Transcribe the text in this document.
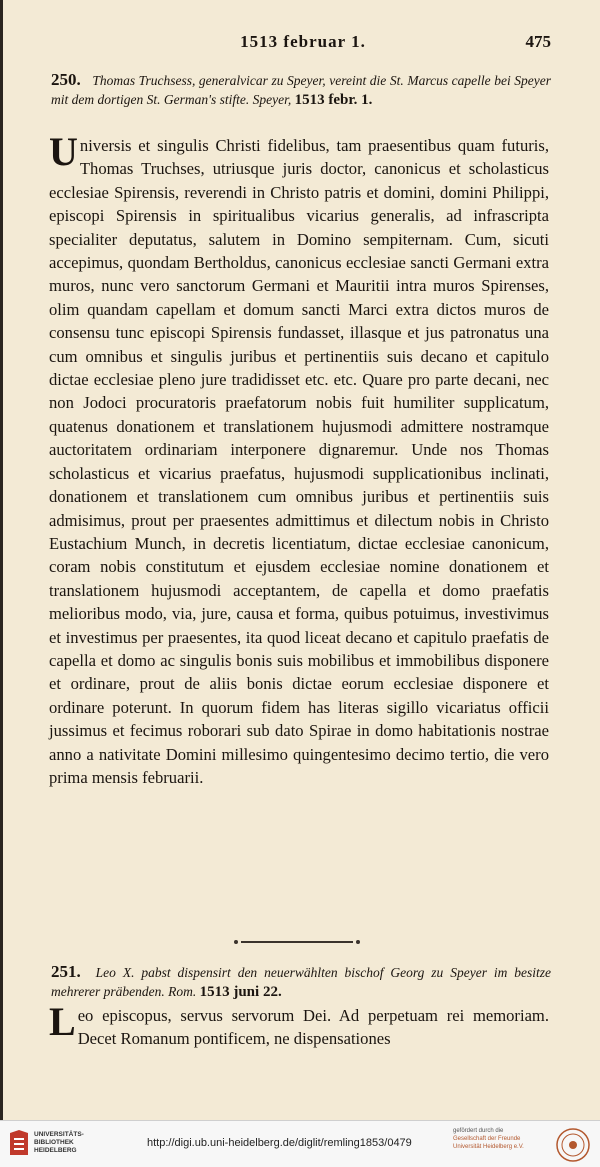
1513 februar 1.	475
250. Thomas Truchsess, generalvicar zu Speyer, vereint die St. Marcus capelle bei Speyer mit dem dortigen St. German's stifte. Speyer, 1513 febr. 1.
Universis et singulis Christi fidelibus, tam praesentibus quam futuris, Thomas Truchses, utriusque juris doctor, canonicus et scholasticus ecclesiae Spirensis, reverendi in Christo patris et domini, domini Philippi, episcopi Spirensis in spiritualibus vicarius generalis, ad infrascripta specialiter deputatus, salutem in Domino sempiternam. Cum, sicuti accepimus, quondam Bertholdus, canonicus ecclesiae sancti Germani extra muros, nunc vero sanctorum Germani et Mauritii intra muros Spirenses, olim quandam capellam et domum sancti Marci extra dictos muros de consensu tunc episcopi Spirensis fundasset, illasque et jus patronatus una cum omnibus et singulis juribus et pertinentiis suis decano et capitulo dictae ecclesiae pleno jure tradidisset etc. etc. Quare pro parte decani, nec non Jodoci procuratoris praefatorum nobis fuit humiliter supplicatum, quatenus donationem et translationem hujusmodi admittere nostramque auctoritatem ordinariam interponere dignaremur. Unde nos Thomas scholasticus et vicarius praefatus, hujusmodi supplicationibus inclinati, donationem et translationem cum omnibus juribus et pertinentiis suis admisimus, prout per praesentes admittimus et dilectum nobis in Christo Eustachium Munch, in decretis licentiatum, dictae ecclesiae canonicum, coram nobis constitutum et ejusdem ecclesiae nomine donationem et translationem hujusmodi acceptantem, de capella et domo praefatis melioribus modo, via, jure, causa et forma, quibus potuimus, investivimus et investimus per praesentes, ita quod liceat decano et capitulo praefatis de capella et domo ac singulis bonis suis mobilibus et immobilibus disponere et ordinare, prout de aliis bonis dictae eorum ecclesiae disponere et ordinare poterunt. In quorum fidem has literas sigillo vicariatus officii jussimus et fecimus roborari sub dato Spirae in domo habitationis nostrae anno a nativitate Domini millesimo quingentesimo decimo tertio, die vero prima mensis februarii.
251. Leo X. pabst dispensirt den neuerwählten bischof Georg zu Speyer im besitze mehrerer präbenden. Rom. 1513 juni 22.
Leo episcopus, servus servorum Dei. Ad perpetuam rei memoriam. Decet Romanum pontificem, ne dispensationes
UNIVERSITÄTS-
BIBLIOTHEK
HEIDELBERG
http://digi.ub.uni-heidelberg.de/diglit/remling1853/0479
gefördert durch die
Gesellschaft der Freunde
Universität Heidelberg e.V.
